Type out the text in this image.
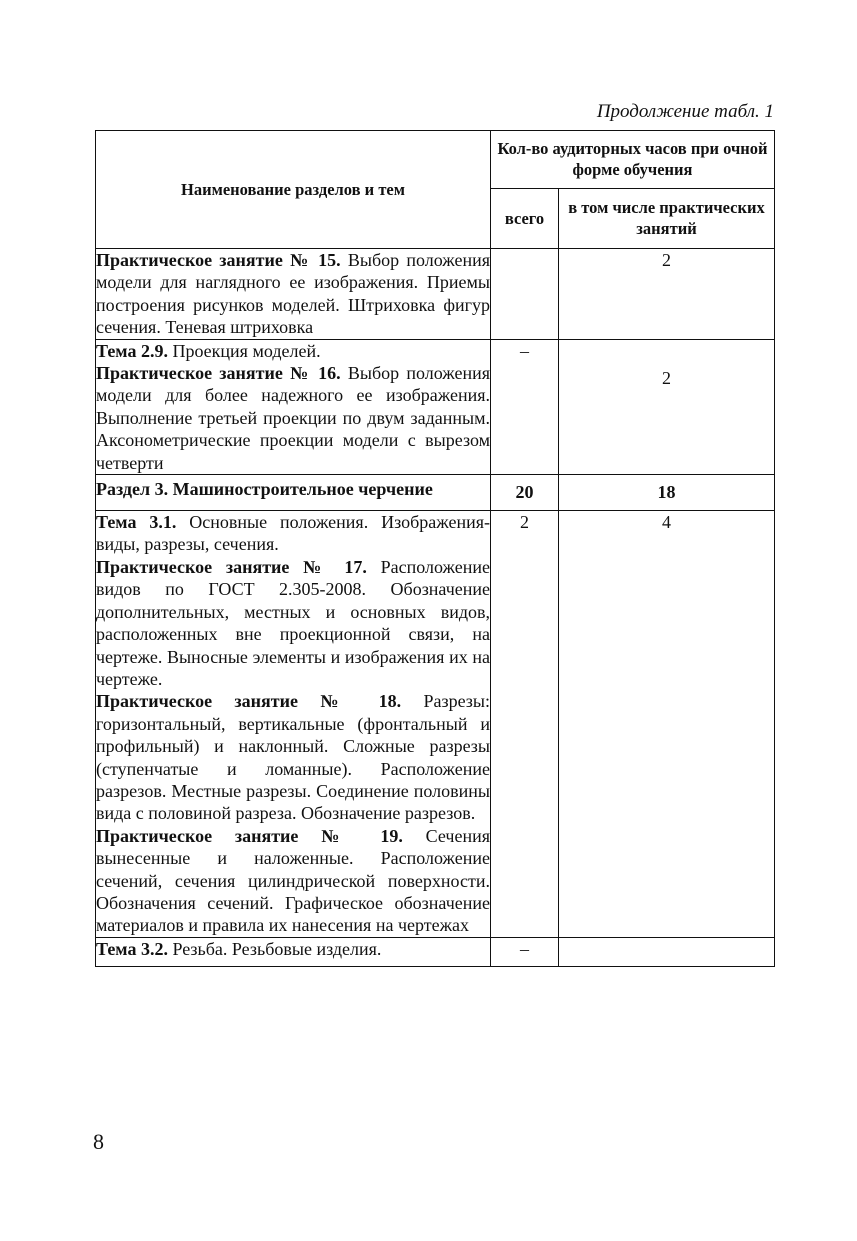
Продолжение табл. 1
Наименование разделов и тем	Кол-во аудиторных часов при очной форме обучения	
	всего	в том числе практических занятий

Практическое занятие № 15. Выбор положения модели для наглядного ее изображения. Приемы построения рисунков моделей. Штриховка фигур сечения. Теневая штриховка		2

Тема 2.9. Проекция моделей.

Практическое занятие № 16. Выбор положения модели для более надежного ее изображения. Выполнение третьей проекции по двум заданным. Аксонометрические проекции модели с вырезом четверти	–	2
Раздел 3. Машиностроительное черчение	20	18

Тема 3.1. Основные положения. Изображения-виды, разрезы, сечения.

Практическое занятие № 17. Расположение видов по ГОСТ 2.305-2008. Обозначение дополнительных, местных и основных видов, расположенных вне проекционной связи, на чертеже. Выносные элементы и изображения их на чертеже.

Практическое занятие № 18. Разрезы: горизонтальный, вертикальные (фронтальный и профильный) и наклонный. Сложные разрезы (ступенчатые и ломанные). Расположение разрезов. Местные разрезы. Соединение половины вида с половиной разреза. Обозначение разрезов.

Практическое занятие № 19. Сечения вынесенные и наложенные. Расположение сечений, сечения цилиндрической поверхности. Обозначения сечений. Графическое обозначение материалов и правила их нанесения на чертежах	2	4

Тема 3.2. Резьба. Резьбовые изделия.	–	
8
